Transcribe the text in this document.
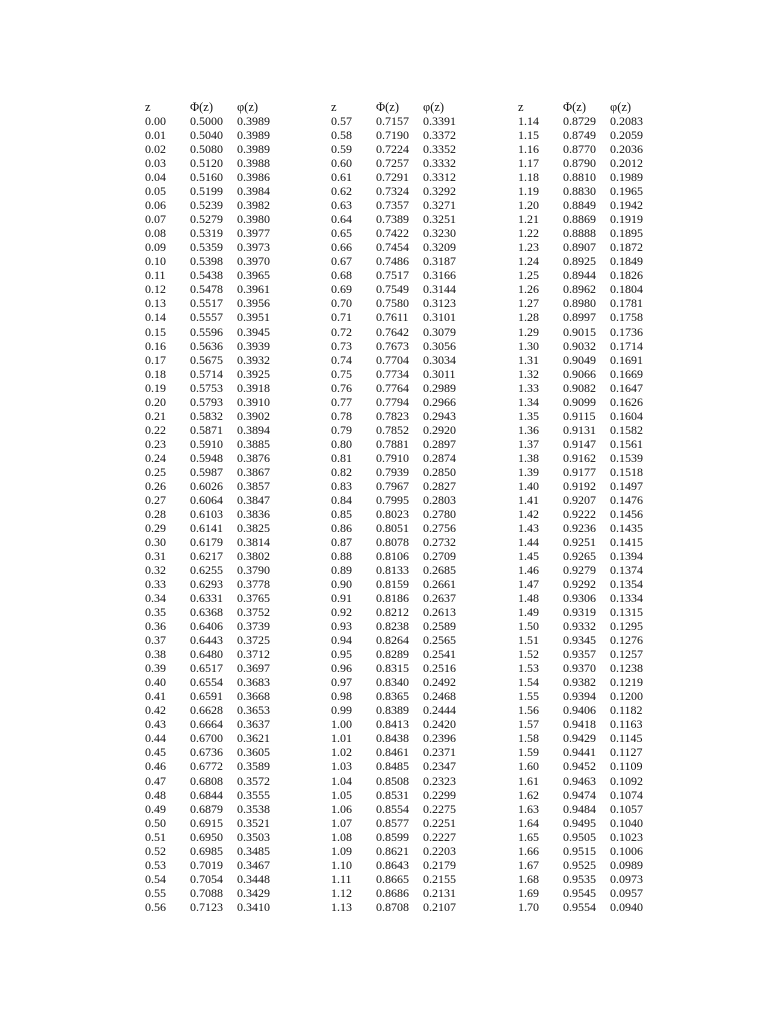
z	Φ(z) φ(z)
0.00 0.5000 0.3989
0.01 0.5040 0.3989
0.02 0.5080 0.3989
0.03 0.5120 0.3988
0.04 0.5160 0.3986
0.05 0.5199 0.3984
0.06 0.5239 0.3982
0.07 0.5279 0.3980
0.08 0.5319 0.3977
0.09 0.5359 0.3973
0.10 0.5398 0.3970
0.11 0.5438 0.3965
0.12 0.5478 0.3961
0.13 0.5517 0.3956
0.14 0.5557 0.3951
0.15 0.5596 0.3945
0.16 0.5636 0.3939
0.17 0.5675 0.3932
0.18 0.5714 0.3925
0.19 0.5753 0.3918
0.20 0.5793 0.3910
0.21 0.5832 0.3902
0.22 0.5871 0.3894
0.23 0.5910 0.3885
0.24 0.5948 0.3876
0.25 0.5987 0.3867
0.26 0.6026 0.3857
0.27 0.6064 0.3847
0.28 0.6103 0.3836
0.29 0.6141 0.3825
0.30 0.6179 0.3814
0.31 0.6217 0.3802
0.32 0.6255 0.3790
0.33 0.6293 0.3778
0.34 0.6331 0.3765
0.35 0.6368 0.3752
0.36 0.6406 0.3739
0.37 0.6443 0.3725
0.38 0.6480 0.3712
0.39 0.6517 0.3697
0.40 0.6554 0.3683
0.41 0.6591 0.3668
0.42 0.6628 0.3653
0.43 0.6664 0.3637
0.44 0.6700 0.3621
0.45 0.6736 0.3605
0.46 0.6772 0.3589
0.47 0.6808 0.3572
0.48 0.6844 0.3555
0.49 0.6879 0.3538
0.50 0.6915 0.3521
0.51 0.6950 0.3503
0.52 0.6985 0.3485
0.53 0.7019 0.3467
0.54 0.7054 0.3448
0.55 0.7088 0.3429
0.56 0.7123 0.3410
z	Φ(z) φ(z)
0.57 0.7157 0.3391
0.58 0.7190 0.3372
0.59 0.7224 0.3352
0.60 0.7257 0.3332
0.61 0.7291 0.3312
0.62 0.7324 0.3292
0.63 0.7357 0.3271
0.64 0.7389 0.3251
0.65 0.7422 0.3230
0.66 0.7454 0.3209
0.67 0.7486 0.3187
0.68 0.7517 0.3166
0.69 0.7549 0.3144
0.70 0.7580 0.3123
0.71 0.7611 0.3101
0.72 0.7642 0.3079
0.73 0.7673 0.3056
0.74 0.7704 0.3034
0.75 0.7734 0.3011
0.76 0.7764 0.2989
0.77 0.7794 0.2966
0.78 0.7823 0.2943
0.79 0.7852 0.2920
0.80 0.7881 0.2897
0.81 0.7910 0.2874
0.82 0.7939 0.2850
0.83 0.7967 0.2827
0.84 0.7995 0.2803
0.85 0.8023 0.2780
0.86 0.8051 0.2756
0.87 0.8078 0.2732
0.88 0.8106 0.2709
0.89 0.8133 0.2685
0.90 0.8159 0.2661
0.91 0.8186 0.2637
0.92 0.8212 0.2613
0.93 0.8238 0.2589
0.94 0.8264 0.2565
0.95 0.8289 0.2541
0.96 0.8315 0.2516
0.97 0.8340 0.2492
0.98 0.8365 0.2468
0.99 0.8389 0.2444
1.00 0.8413 0.2420
1.01 0.8438 0.2396
1.02 0.8461 0.2371
1.03 0.8485 0.2347
1.04 0.8508 0.2323
1.05 0.8531 0.2299
1.06 0.8554 0.2275
1.07 0.8577 0.2251
1.08 0.8599 0.2227
1.09 0.8621 0.2203
1.10 0.8643 0.2179
1.11 0.8665 0.2155
1.12 0.8686 0.2131
1.13 0.8708 0.2107
z	Φ(z) φ(z)
1.14 0.8729 0.2083
1.15 0.8749 0.2059
1.16 0.8770 0.2036
1.17 0.8790 0.2012
1.18 0.8810 0.1989
1.19 0.8830 0.1965
1.20 0.8849 0.1942
1.21 0.8869 0.1919
1.22 0.8888 0.1895
1.23 0.8907 0.1872
1.24 0.8925 0.1849
1.25 0.8944 0.1826
1.26 0.8962 0.1804
1.27 0.8980 0.1781
1.28 0.8997 0.1758
1.29 0.9015 0.1736
1.30 0.9032 0.1714
1.31 0.9049 0.1691
1.32 0.9066 0.1669
1.33 0.9082 0.1647
1.34 0.9099 0.1626
1.35 0.9115 0.1604
1.36 0.9131 0.1582
1.37 0.9147 0.1561
1.38 0.9162 0.1539
1.39 0.9177 0.1518
1.40 0.9192 0.1497
1.41 0.9207 0.1476
1.42 0.9222 0.1456
1.43 0.9236 0.1435
1.44 0.9251 0.1415
1.45 0.9265 0.1394
1.46 0.9279 0.1374
1.47 0.9292 0.1354
1.48 0.9306 0.1334
1.49 0.9319 0.1315
1.50 0.9332 0.1295
1.51 0.9345 0.1276
1.52 0.9357 0.1257
1.53 0.9370 0.1238
1.54 0.9382 0.1219
1.55 0.9394 0.1200
1.56 0.9406 0.1182
1.57 0.9418 0.1163
1.58 0.9429 0.1145
1.59 0.9441 0.1127
1.60 0.9452 0.1109
1.61 0.9463 0.1092
1.62 0.9474 0.1074
1.63 0.9484 0.1057
1.64 0.9495 0.1040
1.65 0.9505 0.1023
1.66 0.9515 0.1006
1.67 0.9525 0.0989
1.68 0.9535 0.0973
1.69 0.9545 0.0957
1.70 0.9554 0.0940
